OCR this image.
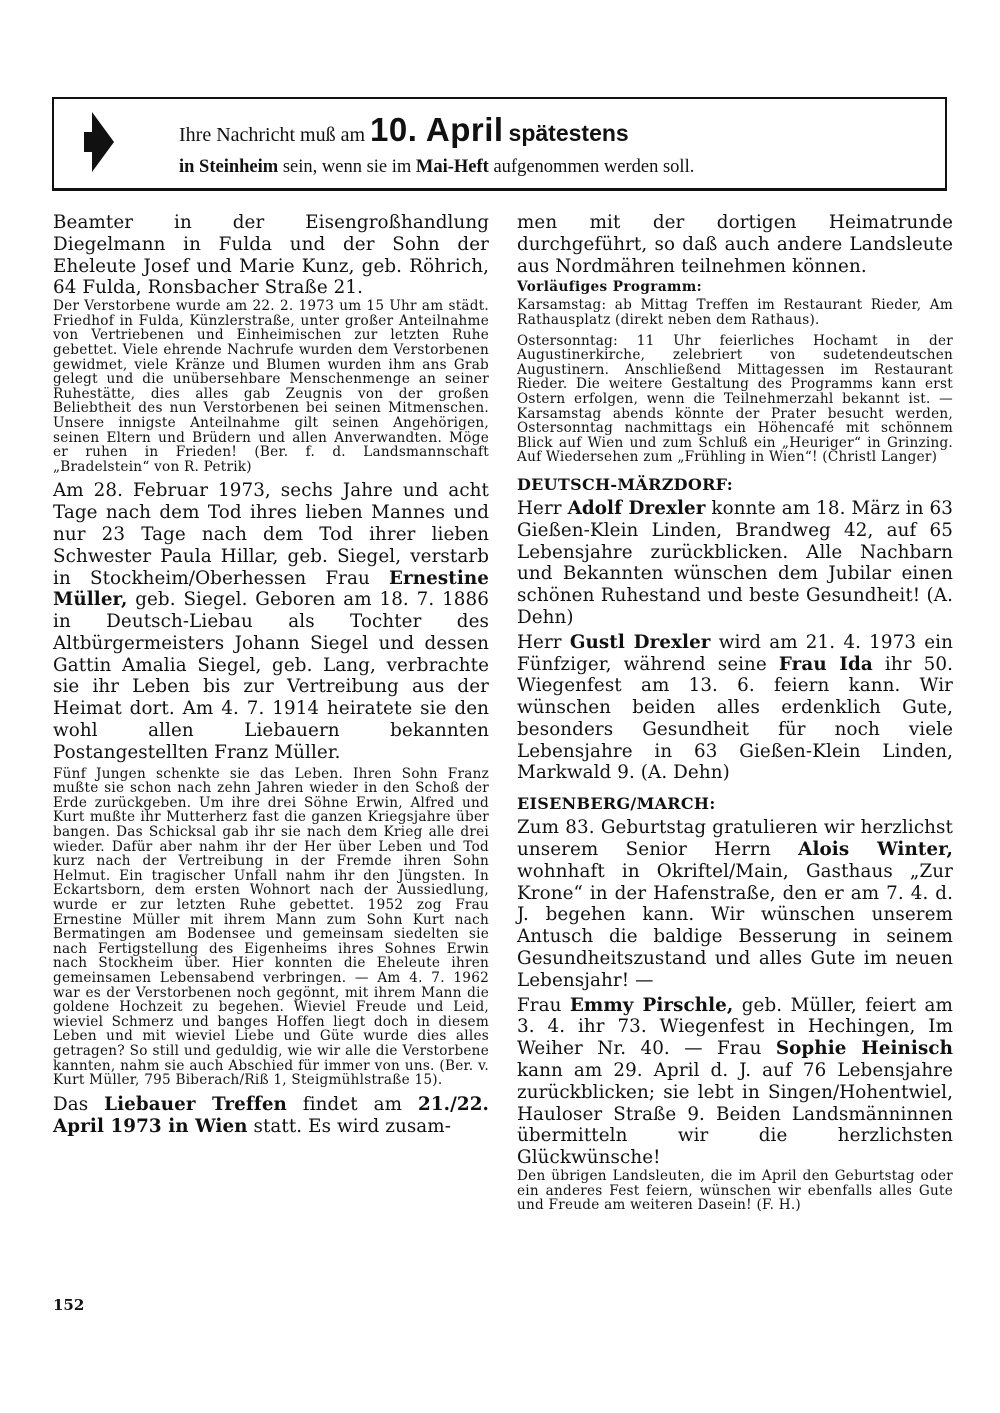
Ihre Nachricht muß am 10. April spätestens
in Steinheim sein, wenn sie im Mai-Heft aufgenommen werden soll.

Beamter in der Eisengroßhandlung Diegelmann in Fulda und der Sohn der Eheleute Josef und Marie Kunz, geb. Röhrich, 64 Fulda, Ronsbacher Straße 21.

Der Verstorbene wurde am 22. 2. 1973 um 15 Uhr am städt. Friedhof in Fulda, Künzlerstraße, unter großer Anteilnahme von Vertriebenen und Einheimischen zur letzten Ruhe gebettet. Viele ehrende Nachrufe wurden dem Verstorbenen gewidmet, viele Kränze und Blumen wurden ihm ans Grab gelegt und die unübersehbare Menschenmenge an seiner Ruhestätte, dies alles gab Zeugnis von der großen Beliebtheit des nun Verstorbenen bei seinen Mitmenschen. Unsere innigste Anteilnahme gilt seinen Angehörigen, seinen Eltern und Brüdern und allen Anverwandten. Möge er ruhen in Frieden! (Ber. f. d. Landsmannschaft „Bradelstein“ von R. Petrik)

Am 28. Februar 1973, sechs Jahre und acht Tage nach dem Tod ihres lieben Mannes und nur 23 Tage nach dem Tod ihrer lieben Schwester Paula Hillar, geb. Siegel, verstarb in Stockheim/Oberhessen Frau Ernestine Müller, geb. Siegel. Geboren am 18. 7. 1886 in Deutsch-Liebau als Tochter des Altbürgermeisters Johann Siegel und dessen Gattin Amalia Siegel, geb. Lang, verbrachte sie ihr Leben bis zur Vertreibung aus der Heimat dort. Am 4. 7. 1914 heiratete sie den wohl allen Liebauern bekannten Postangestellten Franz Müller.

Fünf Jungen schenkte sie das Leben. Ihren Sohn Franz mußte sie schon nach zehn Jahren wieder in den Schoß der Erde zurückgeben. Um ihre drei Söhne Erwin, Alfred und Kurt mußte ihr Mutterherz fast die ganzen Kriegsjahre über bangen. Das Schicksal gab ihr sie nach dem Krieg alle drei wieder. Dafür aber nahm ihr der Her über Leben und Tod kurz nach der Vertreibung in der Fremde ihren Sohn Helmut. Ein tragischer Unfall nahm ihr den Jüngsten. In Eckartsborn, dem ersten Wohnort nach der Aussiedlung, wurde er zur letzten Ruhe gebettet. 1952 zog Frau Ernestine Müller mit ihrem Mann zum Sohn Kurt nach Bermatingen am Bodensee und gemeinsam siedelten sie nach Fertigstellung des Eigenheims ihres Sohnes Erwin nach Stockheim über. Hier konnten die Eheleute ihren gemeinsamen Lebensabend verbringen. — Am 4. 7. 1962 war es der Verstorbenen noch gegönnt, mit ihrem Mann die goldene Hochzeit zu begehen. Wieviel Freude und Leid, wieviel Schmerz und banges Hoffen liegt doch in diesem Leben und mit wieviel Liebe und Güte wurde dies alles getragen? So still und geduldig, wie wir alle die Verstorbene kannten, nahm sie auch Abschied für immer von uns. (Ber. v. Kurt Müller, 795 Biberach/Riß 1, Steigmühlstraße 15).

Das Liebauer Treffen findet am 21./22. April 1973 in Wien statt. Es wird zusam-

men mit der dortigen Heimatrunde durchgeführt, so daß auch andere Landsleute aus Nordmähren teilnehmen können.

Vorläufiges Programm:

Karsamstag: ab Mittag Treffen im Restaurant Rieder, Am Rathausplatz (direkt neben dem Rathaus).

Ostersonntag: 11 Uhr feierliches Hochamt in der Augustinerkirche, zelebriert von sudetendeutschen Augustinern. Anschließend Mittagessen im Restaurant Rieder. Die weitere Gestaltung des Programms kann erst Ostern erfolgen, wenn die Teilnehmerzahl bekannt ist. — Karsamstag abends könnte der Prater besucht werden, Ostersonntag nachmittags ein Höhencafé mit schönnem Blick auf Wien und zum Schluß ein „Heuriger“ in Grinzing. Auf Wiedersehen zum „Frühling in Wien“! (Christl Langer)

DEUTSCH-MÄRZDORF:

Herr Adolf Drexler konnte am 18. März in 63 Gießen-Klein Linden, Brandweg 42, auf 65 Lebensjahre zurückblicken. Alle Nachbarn und Bekannten wünschen dem Jubilar einen schönen Ruhestand und beste Gesundheit! (A. Dehn)

Herr Gustl Drexler wird am 21. 4. 1973 ein Fünfziger, während seine Frau Ida ihr 50. Wiegenfest am 13. 6. feiern kann. Wir wünschen beiden alles erdenklich Gute, besonders Gesundheit für noch viele Lebensjahre in 63 Gießen-Klein Linden, Markwald 9. (A. Dehn)

EISENBERG/MARCH:

Zum 83. Geburtstag gratulieren wir herzlichst unserem Senior Herrn Alois Winter, wohnhaft in Okriftel/Main, Gasthaus „Zur Krone“ in der Hafenstraße, den er am 7. 4. d. J. begehen kann. Wir wünschen unserem Antusch die baldige Besserung in seinem Gesundheitszustand und alles Gute im neuen Lebensjahr! —

Frau Emmy Pirschle, geb. Müller, feiert am 3. 4. ihr 73. Wiegenfest in Hechingen, Im Weiher Nr. 40. — Frau Sophie Heinisch kann am 29. April d. J. auf 76 Lebensjahre zurückblicken; sie lebt in Singen/Hohentwiel, Hauloser Straße 9. Beiden Landsmänninnen übermitteln wir die herzlichsten Glückwünsche!

Den übrigen Landsleuten, die im April den Geburtstag oder ein anderes Fest feiern, wünschen wir ebenfalls alles Gute und Freude am weiteren Dasein! (F. H.)

152
